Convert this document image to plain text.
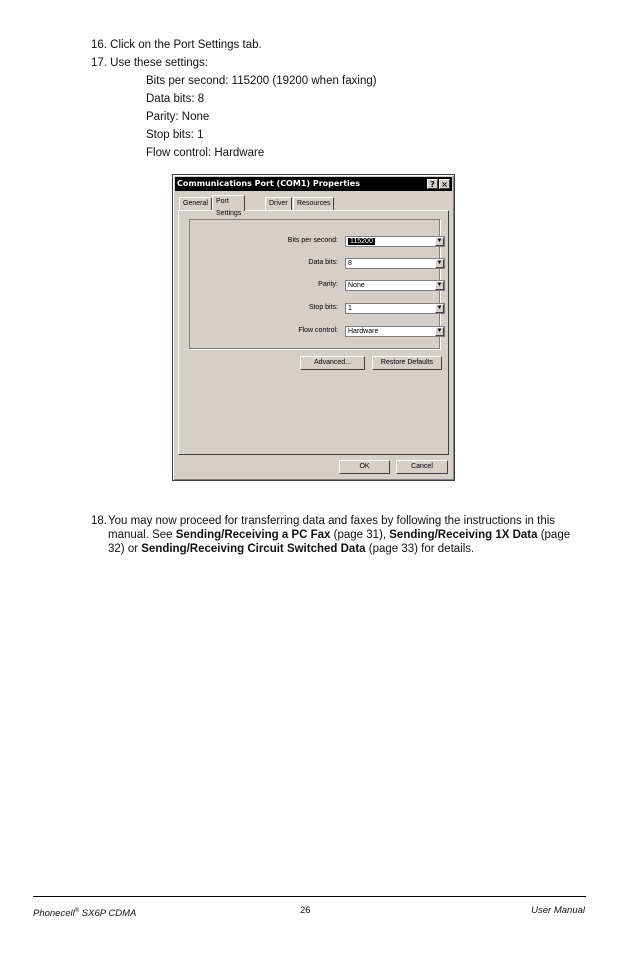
16. Click on the Port Settings tab.
17. Use these settings:
Bits per second: 115200 (19200 when faxing)
Data bits: 8
Parity: None
Stop bits: 1
Flow control: Hardware
Communications Port (COM1) Properties	? ×
General	Port Settings
Driver	Resources
Bits per second:	115200	▼
Data bits:	8	▼
Parity:	None	▼
Stop bits:	1	▼
Flow control:	Hardware	▼
Advanced...	Restore Defaults
OK	Cancel
18. You may now proceed for transferring data and faxes by following the instructions in this manual. See Sending/Receiving a PC Fax (page 31), Sending/Receiving 1X Data (page 32) or Sending/Receiving Circuit Switched Data (page 33) for details.
Phonecell® SX6P CDMA	26	User Manual
